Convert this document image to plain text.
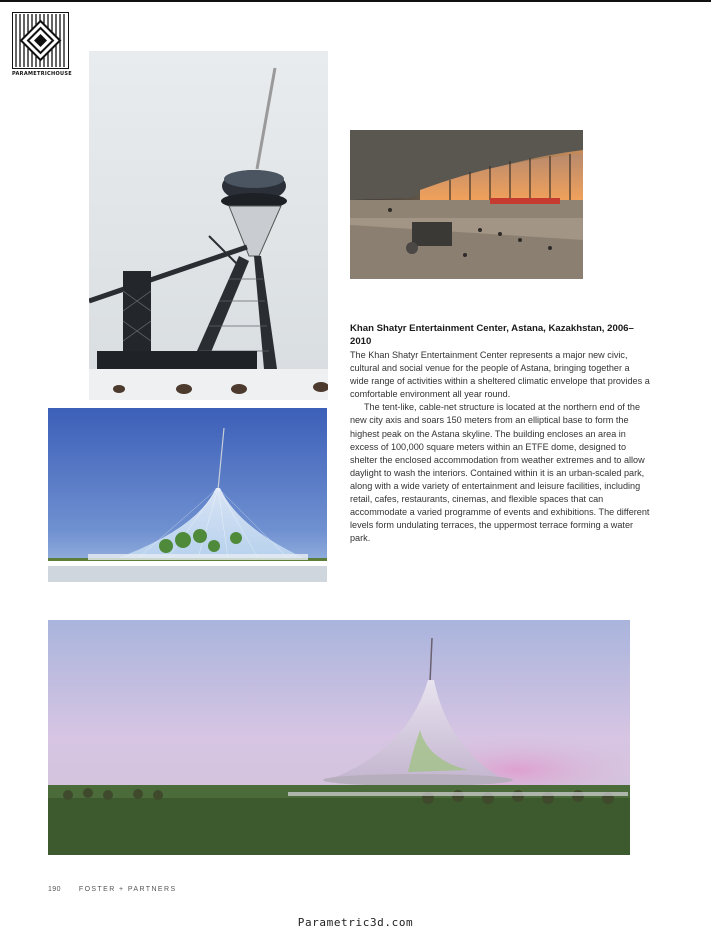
PARAMETRICHOUSE
Khan Shatyr Entertainment Center, Astana, Kazakhstan, 2006–2010

The Khan Shatyr Entertainment Center represents a major new civic, cultural and social venue for the people of Astana, bringing together a wide range of activities within a sheltered climatic envelope that provides a comfortable environment all year round.

The tent-like, cable-net structure is located at the northern end of the new city axis and soars 150 meters from an elliptical base to form the highest peak on the Astana skyline. The building encloses an area in excess of 100,000 square meters within an ETFE dome, designed to shelter the enclosed accommodation from weather extremes and to allow daylight to wash the interiors. Contained within it is an urban-scaled park, along with a wide variety of entertainment and leisure facilities, including retail, cafes, restaurants, cinemas, and flexible spaces that can accommodate a varied programme of events and exhibitions. The different levels form undulating terraces, the uppermost terrace forming a water park.

190	FOSTER + PARTNERS
Parametric3d.com
